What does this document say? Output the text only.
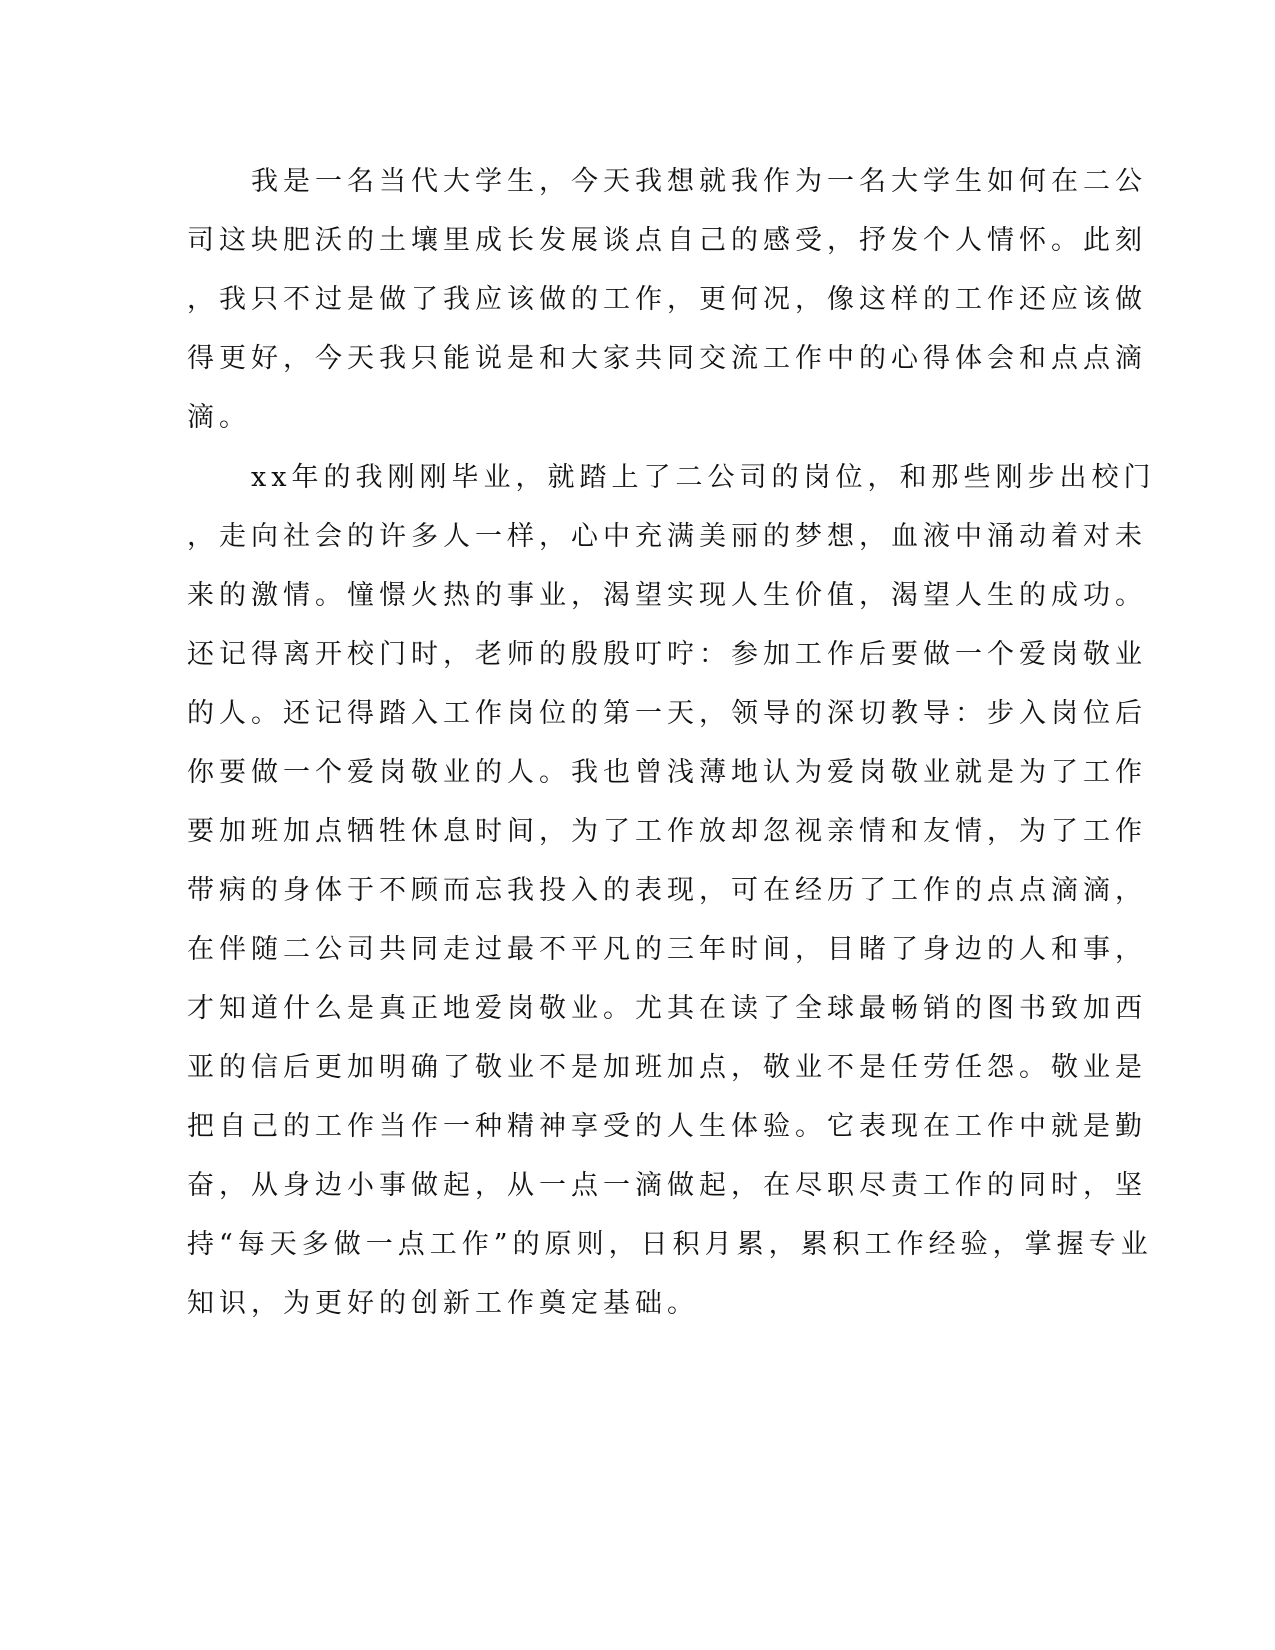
我是一名当代大学生，今天我想就我作为一名大学生如何在二公
司这块肥沃的土壤里成长发展谈点自己的感受，抒发个人情怀。此刻
，我只不过是做了我应该做的工作，更何况，像这样的工作还应该做
得更好，今天我只能说是和大家共同交流工作中的心得体会和点点滴
滴。
xx年的我刚刚毕业，就踏上了二公司的岗位，和那些刚步出校门
，走向社会的许多人一样，心中充满美丽的梦想，血液中涌动着对未
来的激情。憧憬火热的事业，渴望实现人生价值，渴望人生的成功。
还记得离开校门时，老师的殷殷叮咛：参加工作后要做一个爱岗敬业
的人。还记得踏入工作岗位的第一天，领导的深切教导：步入岗位后
你要做一个爱岗敬业的人。我也曾浅薄地认为爱岗敬业就是为了工作
要加班加点牺牲休息时间，为了工作放却忽视亲情和友情，为了工作
带病的身体于不顾而忘我投入的表现，可在经历了工作的点点滴滴，
在伴随二公司共同走过最不平凡的三年时间，目睹了身边的人和事，
才知道什么是真正地爱岗敬业。尤其在读了全球最畅销的图书致加西
亚的信后更加明确了敬业不是加班加点，敬业不是任劳任怨。敬业是
把自己的工作当作一种精神享受的人生体验。它表现在工作中就是勤
奋，从身边小事做起，从一点一滴做起，在尽职尽责工作的同时，坚
持“每天多做一点工作”的原则，日积月累，累积工作经验，掌握专业
知识，为更好的创新工作奠定基础。
